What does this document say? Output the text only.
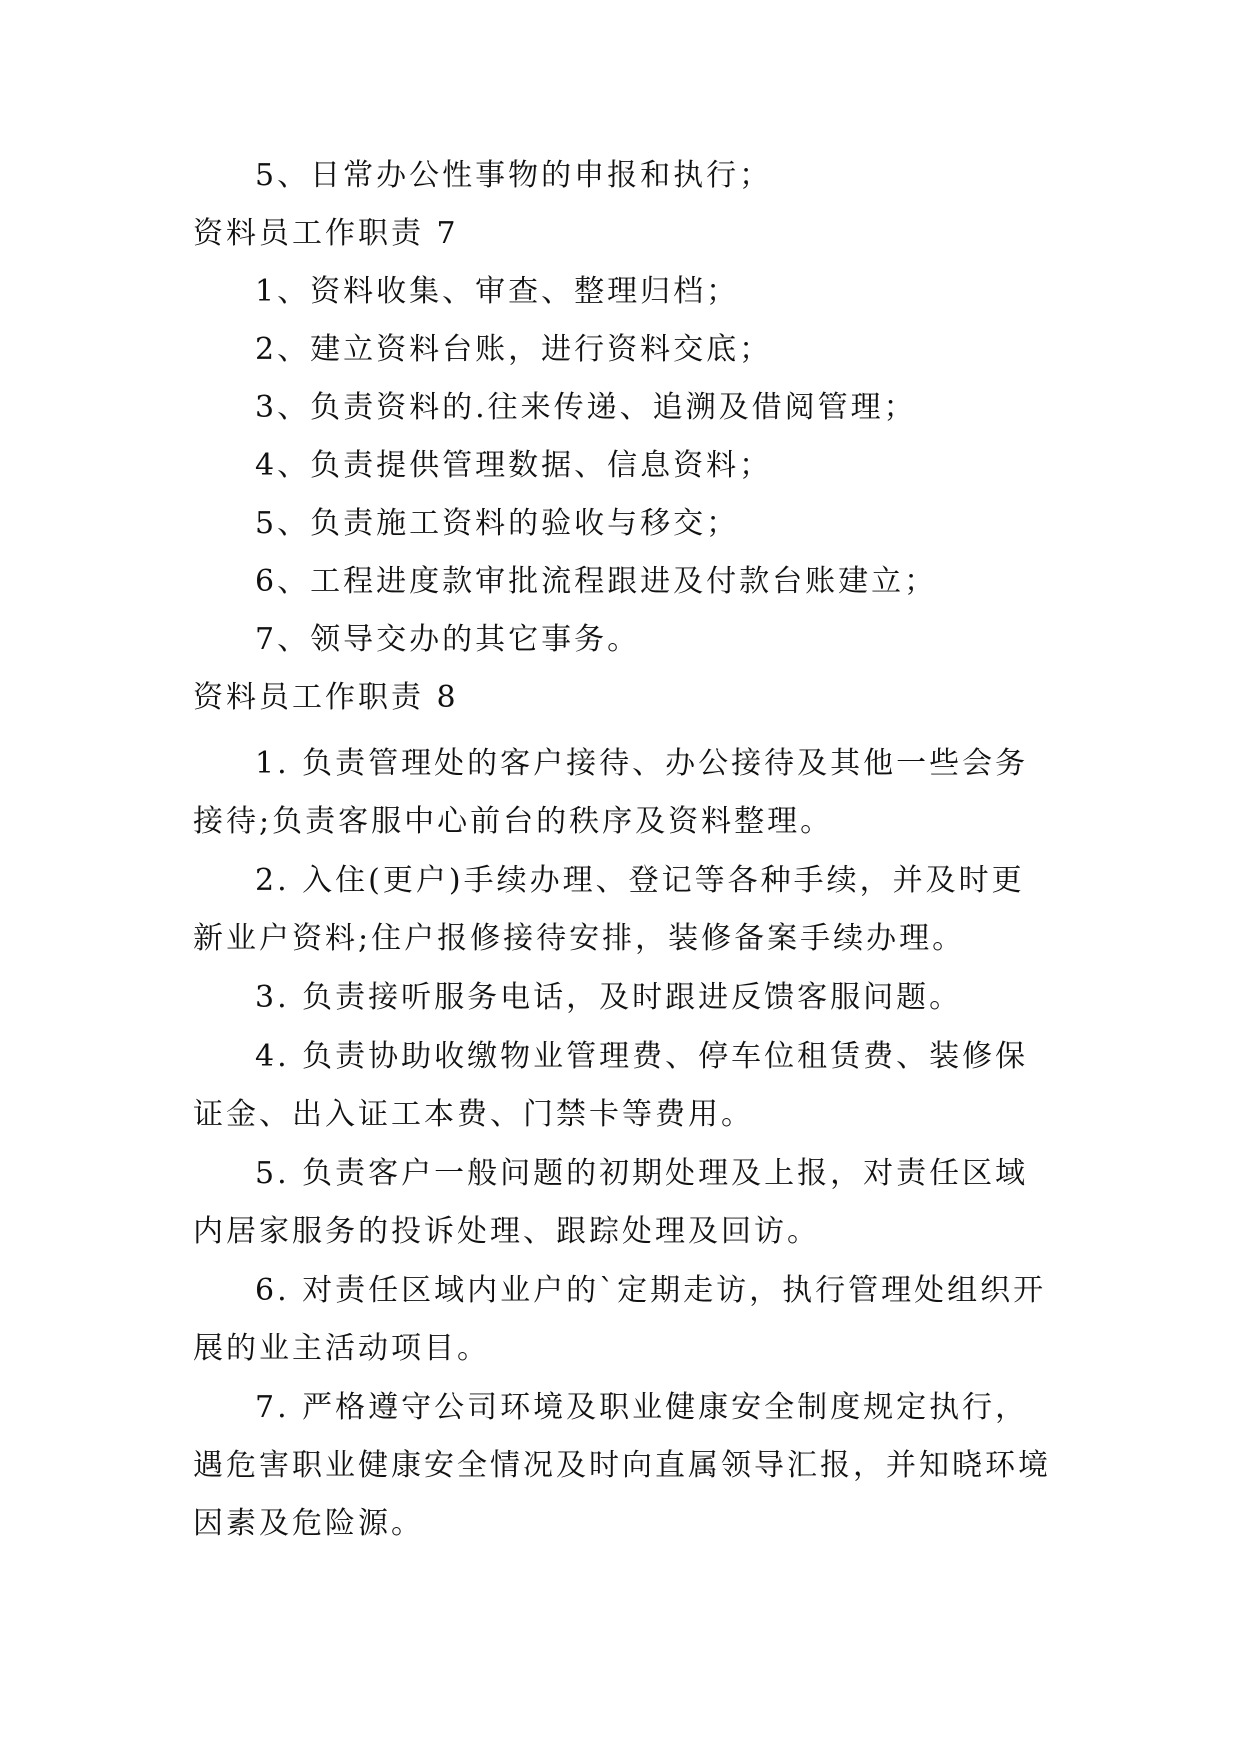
5、日常办公性事物的申报和执行；

资料员工作职责 7

1、资料收集、审查、整理归档；

2、建立资料台账，进行资料交底；

3、负责资料的.往来传递、追溯及借阅管理；

4、负责提供管理数据、信息资料；

5、负责施工资料的验收与移交；

6、工程进度款审批流程跟进及付款台账建立；

7、领导交办的其它事务。

资料员工作职责 8

1. 负责管理处的客户接待、办公接待及其他一些会务接待;负责客服中心前台的秩序及资料整理。

2. 入住(更户)手续办理、登记等各种手续，并及时更新业户资料;住户报修接待安排，装修备案手续办理。

3. 负责接听服务电话，及时跟进反馈客服问题。

4. 负责协助收缴物业管理费、停车位租赁费、装修保证金、出入证工本费、门禁卡等费用。

5. 负责客户一般问题的初期处理及上报，对责任区域内居家服务的投诉处理、跟踪处理及回访。

6. 对责任区域内业户的`定期走访，执行管理处组织开展的业主活动项目。

7. 严格遵守公司环境及职业健康安全制度规定执行，遇危害职业健康安全情况及时向直属领导汇报，并知晓环境因素及危险源。
